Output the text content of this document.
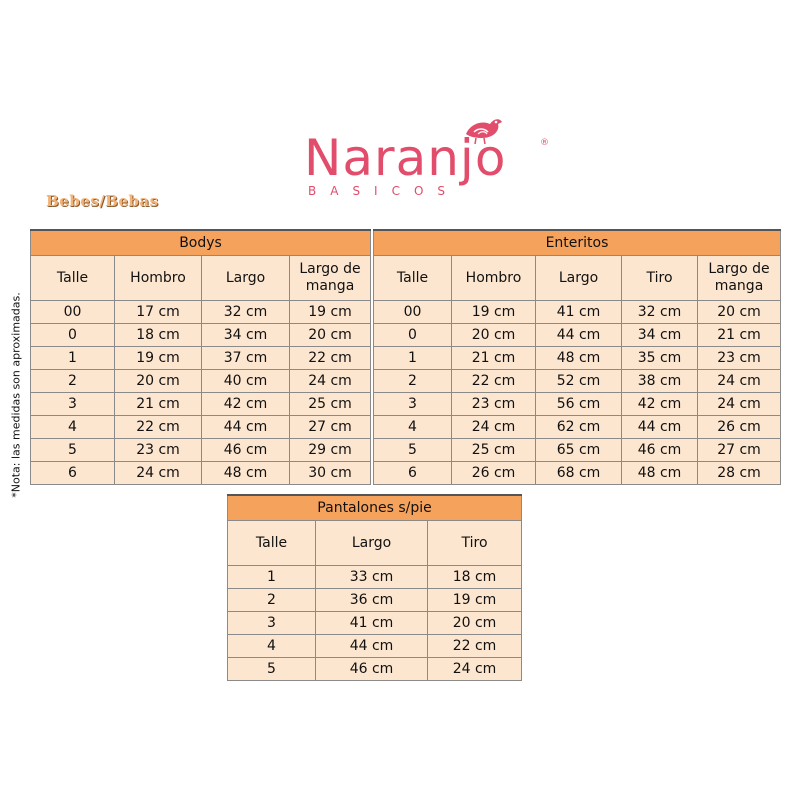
Naranjo	®
BASICOS
Bebes/Bebas
*Nota: las medidas son aproximadas.
Bodys			
Talle	Hombro	Largo	Largo de manga
00	17 cm	32 cm	19 cm
0	18 cm	34 cm	20 cm
1	19 cm	37 cm	22 cm
2	20 cm	40 cm	24 cm
3	21 cm	42 cm	25 cm
4	22 cm	44 cm	27 cm
5	23 cm	46 cm	29 cm
6	24 cm	48 cm	30 cm
Enteritos				
Talle	Hombro	Largo	Tiro	Largo de manga
00	19 cm	41 cm	32 cm	20 cm
0	20 cm	44 cm	34 cm	21 cm
1	21 cm	48 cm	35 cm	23 cm
2	22 cm	52 cm	38 cm	24 cm
3	23 cm	56 cm	42 cm	24 cm
4	24 cm	62 cm	44 cm	26 cm
5	25 cm	65 cm	46 cm	27 cm
6	26 cm	68 cm	48 cm	28 cm
Pantalones s/pie		
Talle	Largo	Tiro
1	33 cm	18 cm
2	36 cm	19 cm
3	41 cm	20 cm
4	44 cm	22 cm
5	46 cm	24 cm
